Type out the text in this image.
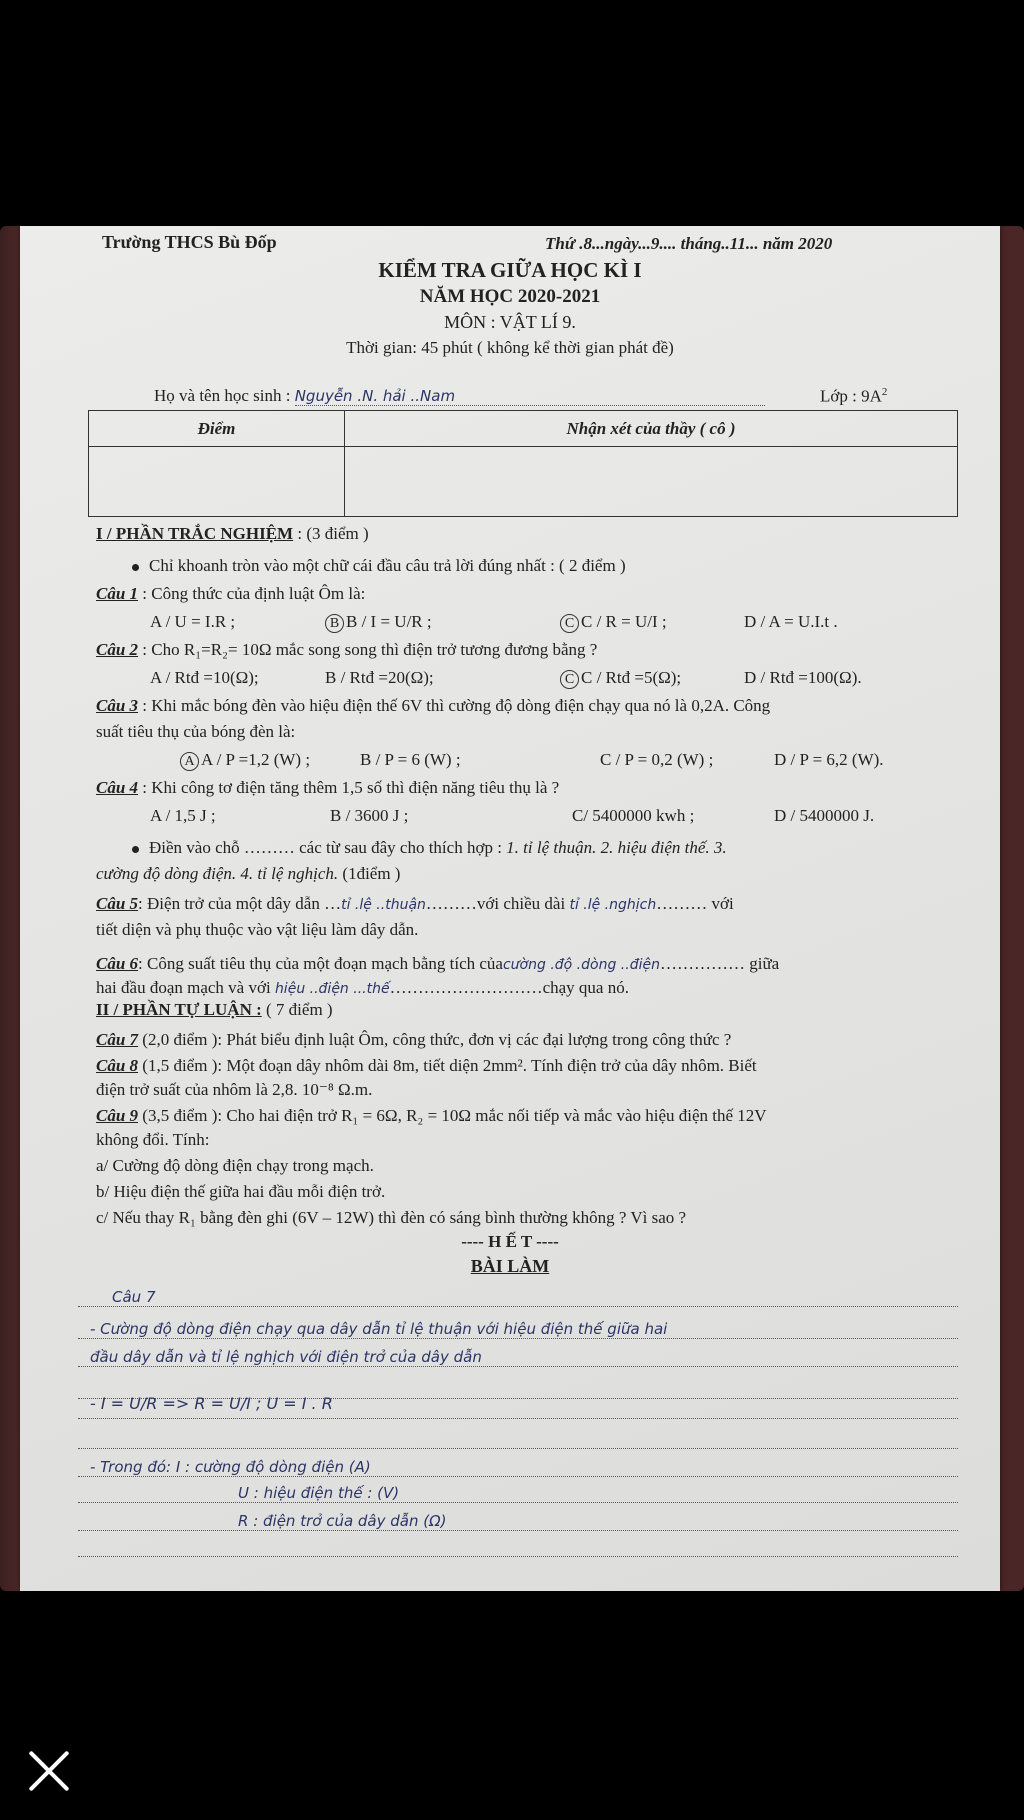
Trường THCS Bù Đốp	Thứ .8...ngày...9.... tháng..11... năm 2020
KIỂM TRA GIỮA HỌC KÌ I
NĂM HỌC 2020-2021
MÔN : VẬT LÍ 9.
Thời gian: 45 phút ( không kể thời gian phát đề)
Họ và tên học sinh : Nguyễn .N. hải ..Nam	Lớp : $9A^2$
Điểm	Nhận xét của thầy ( cô )

I / PHẦN TRẮC NGHIỆM : (3 điểm )
Chỉ khoanh tròn vào một chữ cái đầu câu trả lời đúng nhất : ( 2 điểm )
Câu 1 : Công thức của định luật Ôm là:
A / U = I.R ;	B B / I = U/R ;	C C / R = U/I ;	D / A = U.I.t .
Câu 2 : Cho R₁=R₂= 10Ω mắc song song thì điện trở tương đương bằng ?
A / Rtđ =10(Ω);	B / Rtđ =20(Ω);	C C / Rtđ =5(Ω);	D / Rtđ =100(Ω).
Câu 3 : Khi mắc bóng đèn vào hiệu điện thế 6V thì cường độ dòng điện chạy qua nó là 0,2A. Công
suất tiêu thụ của bóng đèn là:
A A / P =1,2 (W) ;	B / P = 6 (W) ;	C / P = 0,2 (W) ;	D / P = 6,2 (W).
Câu 4 : Khi công tơ điện tăng thêm 1,5 số thì điện năng tiêu thụ là ?
A / 1,5 J ;	B / 3600 J ;	C/ 5400000 kwh ;	D / 5400000 J.
Điền vào chỗ ……… các từ sau đây cho thích hợp : 1. tỉ lệ thuận. 2. hiệu điện thế. 3.
cường độ dòng điện. 4. tỉ lệ nghịch. (1điểm )
Câu 5: Điện trở của một dây dẫn …tỉ .lệ ..thuận………với chiều dài tỉ .lệ .nghịch……… với
tiết diện và phụ thuộc vào vật liệu làm dây dẫn.
Câu 6: Công suất tiêu thụ của một đoạn mạch bằng tích củacường .độ .dòng ..điện…………… giữa
hai đầu đoạn mạch và với hiệu ..điện ...thế………………………chạy qua nó.
II / PHẦN TỰ LUẬN : ( 7 điểm )
Câu 7 (2,0 điểm ): Phát biểu định luật Ôm, công thức, đơn vị các đại lượng trong công thức ?
Câu 8 (1,5 điểm ): Một đoạn dây nhôm dài 8m, tiết diện 2mm². Tính điện trở của dây nhôm. Biết
điện trở suất của nhôm là 2,8. 10⁻⁸ Ω.m.
Câu 9 (3,5 điểm ): Cho hai điện trở R₁ = 6Ω, R₂ = 10Ω mắc nối tiếp và mắc vào hiệu điện thế 12V
không đổi. Tính:
a/ Cường độ dòng điện chạy trong mạch.
b/ Hiệu điện thế giữa hai đầu mỗi điện trở.
c/ Nếu thay R₁ bằng đèn ghi (6V – 12W) thì đèn có sáng bình thường không ? Vì sao ?
---- H Ế T ----
BÀI LÀM
Câu 7
- Cường độ dòng điện chạy qua dây dẫn tỉ lệ thuận với hiệu điện thế giữa hai
đầu dây dẫn và tỉ lệ nghịch với điện trở của dây dẫn
- I = U/R => R = U/I ; U = I . R
- Trong đó: I : cường độ dòng điện (A)
U : hiệu điện thế : (V)
R : điện trở của dây dẫn (Ω)
